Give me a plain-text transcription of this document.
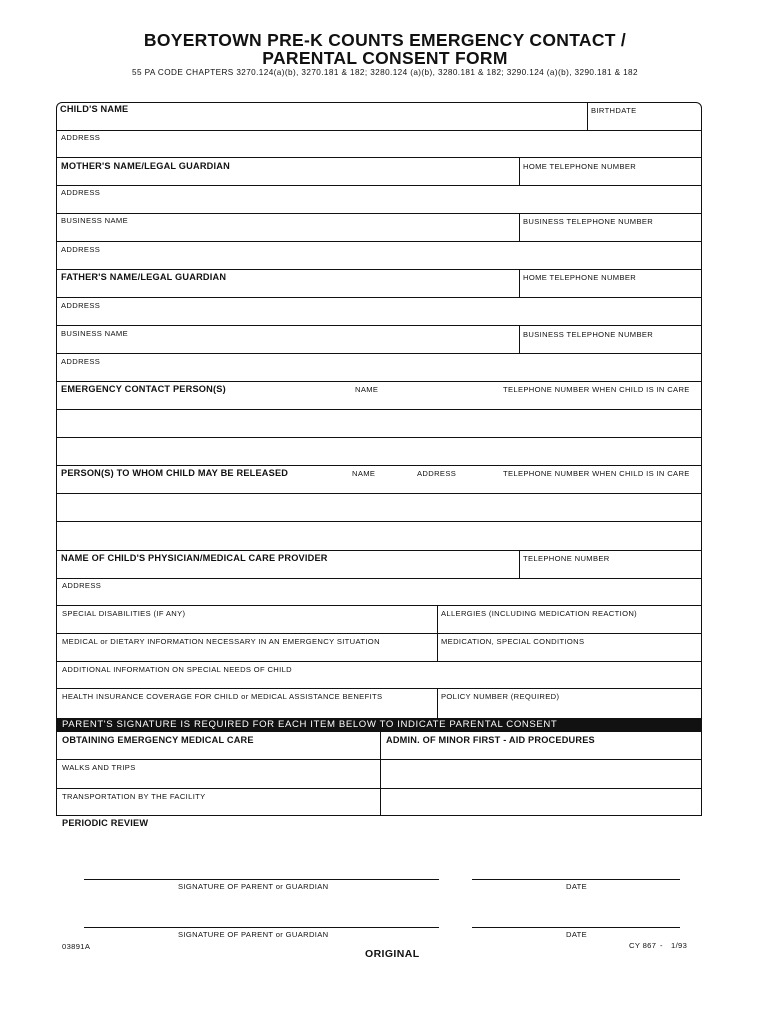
BOYERTOWN PRE-K COUNTS EMERGENCY CONTACT /
PARENTAL CONSENT FORM
55 PA CODE CHAPTERS 3270.124(a)(b), 3270.181 & 182; 3280.124 (a)(b), 3280.181 & 182; 3290.124 (a)(b), 3290.181 & 182
CHILD'S NAME	BIRTHDATE
ADDRESS
MOTHER'S NAME/LEGAL GUARDIAN	HOME TELEPHONE NUMBER
ADDRESS
BUSINESS NAME	BUSINESS TELEPHONE NUMBER
ADDRESS
FATHER'S NAME/LEGAL GUARDIAN	HOME TELEPHONE NUMBER
ADDRESS
BUSINESS NAME	BUSINESS TELEPHONE NUMBER
ADDRESS
EMERGENCY CONTACT PERSON(S)	NAME	TELEPHONE NUMBER WHEN CHILD IS IN CARE
PERSON(S) TO WHOM CHILD MAY BE RELEASED	NAME	ADDRESS	TELEPHONE NUMBER WHEN CHILD IS IN CARE
NAME OF CHILD'S PHYSICIAN/MEDICAL CARE PROVIDER	TELEPHONE NUMBER
ADDRESS
SPECIAL DISABILITIES (IF ANY)	ALLERGIES (INCLUDING MEDICATION REACTION)
MEDICAL or DIETARY INFORMATION NECESSARY IN AN EMERGENCY SITUATION	MEDICATION, SPECIAL CONDITIONS
ADDITIONAL INFORMATION ON SPECIAL NEEDS OF CHILD
HEALTH INSURANCE COVERAGE FOR CHILD or MEDICAL ASSISTANCE BENEFITS	POLICY NUMBER (REQUIRED)
PARENT'S SIGNATURE IS REQUIRED FOR EACH ITEM BELOW TO INDICATE PARENTAL CONSENT
OBTAINING EMERGENCY MEDICAL CARE	ADMIN. OF MINOR FIRST - AID PROCEDURES
WALKS AND TRIPS
TRANSPORTATION BY THE FACILITY
PERIODIC REVIEW
SIGNATURE OF PARENT or GUARDIAN	DATE
SIGNATURE OF PARENT or GUARDIAN	DATE
03891A
ORIGINAL
CY 867 - 1/93
